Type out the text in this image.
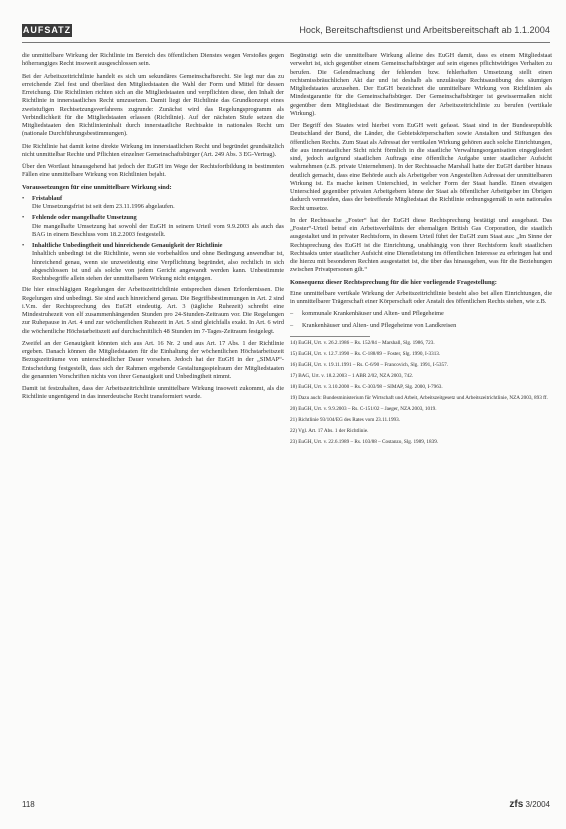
AUFSATZ	Hock, Bereitschaftsdienst und Arbeitsbereitschaft ab 1.1.2004

die unmittelbare Wirkung der Richtlinie im Bereich des öffentlichen Dienstes wegen Verstoßes gegen höherrangiges Recht insoweit ausgeschlossen sein.

Bei der Arbeitszeitrichtlinie handelt es sich um sekundäres Gemeinschaftsrecht. Sie legt nur das zu erreichende Ziel fest und überlässt den Mitgliedstaaten die Wahl der Form und Mittel für dessen Erreichung. Die Richtlinien richten sich an die Mitgliedstaaten und verpflichten diese, den Inhalt der Richtlinie in innerstaatliches Recht umzusetzen. Damit liegt der Richtlinie das Grundkonzept eines zweistufigen Rechtsetzungsverfahrens zugrunde: Zunächst wird das Regelungsprogramm als Verbindlichkeit für die Mitgliedstaaten erlassen (Richtlinie). Auf der nächsten Stufe setzen die Mitgliedstaaten den Richtlinieninhalt durch innerstaatliche Rechtsakte in nationales Recht um (nationale Durchführungsbestimmungen).

Die Richtlinie hat damit keine direkte Wirkung im innerstaatlichen Recht und begründet grundsätzlich nicht unmittelbar Rechte und Pflichten einzelner Gemeinschaftsbürger (Art. 249 Abs. 3 EG-Vertrag).

Über den Wortlaut hinausgehend hat jedoch der EuGH im Wege der Rechtsfortbildung in bestimmten Fällen eine unmittelbare Wirkung von Richtlinien bejaht.

Voraussetzungen für eine unmittelbare Wirkung sind:
• Fristablauf
Die Umsetzungsfrist ist seit dem 23.11.1996 abgelaufen.
• Fehlende oder mangelhafte Umsetzung
Die mangelhafte Umsetzung hat sowohl der EuGH in seinem Urteil vom 9.9.2003 als auch das BAG in einem Beschluss vom 18.2.2003 festgestellt.
• Inhaltliche Unbedingtheit und hinreichende Genauigkeit der Richtlinie
Inhaltlich unbedingt ist die Richtlinie, wenn sie vorbehaltlos und ohne Bedingung anwendbar ist, hinreichend genau, wenn sie unzweideutig eine Verpflichtung begründet, also rechtlich in sich abgeschlossen ist und als solche von jedem Gericht angewandt werden kann. Unbestimmte Rechtsbegriffe allein stehen der unmittelbaren Wirkung nicht entgegen.

Die hier einschlägigen Regelungen der Arbeitszeitrichtlinie entsprechen diesen Erfordernissen. Die Regelungen sind unbedingt. Sie sind auch hinreichend genau. Die Begriffsbestimmungen in Art. 2 sind i.V.m. der Rechtsprechung des EuGH eindeutig. Art. 3 (tägliche Ruhezeit) schreibt eine Mindestruhezeit von elf zusammenhängenden Stunden pro 24-Stunden-Zeitraum vor. Die Regelungen zur Ruhepause in Art. 4 und zur wöchentlichen Ruhezeit in Art. 5 sind gleichfalls exakt. In Art. 6 wird die wöchentliche Höchstarbeitszeit auf durchschnittlich 48 Stunden im 7-Tages-Zeitraum festgelegt.

Zweifel an der Genauigkeit könnten sich aus Art. 16 Nr. 2 und aus Art. 17 Abs. 1 der Richtlinie ergeben. Danach können die Mitgliedstaaten für die Einhaltung der wöchentlichen Höchstarbeitszeit Bezugszeiträume von unterschiedlicher Dauer vorsehen. Jedoch hat der EuGH in der „SIMAP“-Entscheidung festgestellt, dass sich der Rahmen ergebende Gestaltungsspielraum der Mitgliedstaaten die genannten Vorschriften nichts von ihrer Genauigkeit und Unbedingtheit nimmt.

Damit ist festzuhalten, dass der Arbeitszeitrichtlinie unmittelbare Wirkung insoweit zukommt, als die Richtlinie ungenügend in das innerdeutsche Recht transformiert wurde.

Begünstigt sein die unmittelbare Wirkung alleine des EuGH damit, dass es einem Mitgliedstaat verwehrt ist, sich gegenüber einem Gemeinschaftsbürger auf sein eigenes pflichtwidriges Verhalten zu berufen. Die Gelendmachung der fehlenden bzw. fehlerhaften Umsetzung stellt einen rechtsmissbräuchlichen Akt dar und ist deshalb als unzulässige Rechtsausübung des säumigen Mitgliedstaates anzusehen. Der EuGH bezeichnet die unmittelbare Wirkung von Richtlinien als Mindestgarantie für die Gemeinschaftsbürger. Der Gemeinschaftsbürger ist gewissermaßen nicht gegenüber dem Mitgliedstaat die Bestimmungen der Arbeitszeitrichtlinie zu berufen (vertikale Wirkung).

Der Begriff des Staates wird hierbei vom EuGH weit gefasst. Staat sind in der Bundesrepublik Deutschland der Bund, die Länder, die Gebietskörperschaften sowie Anstalten und Stiftungen des öffentlichen Rechts. Zum Staat als Adressat der vertikalen Wirkung gehören auch solche Einrichtungen, die aus innerstaatlicher Sicht nicht förmlich in die staatliche Verwaltungsorganisation eingegliedert sind, jedoch aufgrund staatlichen Auftrags eine öffentliche Aufgabe unter staatlicher Aufsicht wahrnehmen (z.B. private Unternehmen). In der Rechtssache Marshall hatte der EuGH darüber hinaus deutlich gemacht, dass eine Behörde auch als Arbeitgeber von Angestellten Adressat der unmittelbaren Wirkung ist. Es mache keinen Unterschied, in welcher Form der Staat handle. Einen etwaigen Unterschied gegenüber privaten Arbeitgebern könne der Staat als öffentlicher Arbeitgeber im Übrigen dadurch vermeiden, dass der betreffende Mitgliedstaat die Richtlinie ordnungsgemäß in sein nationales Recht umsetze.

In der Rechtssache „Foster“ hat der EuGH diese Rechtsprechung bestätigt und ausgebaut. Das „Foster“-Urteil betraf ein Arbeitsverhältnis der ehemaligen British Gas Corporation, die staatlich ausgestaltet und in privater Rechtsform, in diesem Urteil führt der EuGH zum Staat aus: „Im Sinne der Rechtsprechung des EuGH ist die Einrichtung, unabhängig von ihrer Rechtsform kraft staatlichen Rechtsakts unter staatlicher Aufsicht eine Dienstleistung im öffentlichen Interesse zu erbringen hat und die hierzu mit besonderen Rechten ausgestattet ist, die über das hinausgehen, was für die Beziehungen zwischen Privatpersonen gilt.“

Konsequenz dieser Rechtsprechung für die hier vorliegende Fragestellung:

Eine unmittelbare vertikale Wirkung der Arbeitszeitrichtlinie besteht also bei allen Einrichtungen, die in unmittelbarer Trägerschaft einer Körperschaft oder Anstalt des öffentlichen Rechts stehen, wie z.B.

– kommunale Krankenhäuser und Alten- und Pflegeheime
– Krankenhäuser und Alten- und Pflegeheime von Landkreisen

14) EuGH, Urt. v. 26.2.1986 – Rs. 152/84 – Marshall, Slg. 1986, 723.

15) EuGH, Urt. v. 12.7.1990 – Rs. C-188/89 – Foster, Slg. 1990, I-3313.

16) EuGH, Urt. v. 19.11.1991 – Rs. C-6/90 – Francovich, Slg. 1991, I-5357.

17) BAG, Urt. v. 18.2.2003 – 1 ABR 2/02, NZA 2003, 742.

18) EuGH, Urt. v. 3.10.2000 – Rs. C-303/98 – SIMAP, Slg. 2000, I-7963.

19) Dazu auch: Bundesministerium für Wirtschaft und Arbeit, Arbeitszeitgesetz und Arbeitszeitrichtlinie, NZA 2003, 893 ff.

20) EuGH, Urt. v. 9.9.2003 – Rs. C-151/02 – Jaeger, NZA 2003, 1019.

21) Richtlinie 93/104/EG des Rates vom 23.11.1993.

22) Vgl. Art. 17 Abs. 1 der Richtlinie.

23) EuGH, Urt. v. 22.6.1989 – Rs. 103/88 – Costanzo, Slg. 1989, 1839.

118	zfs 3/2004
